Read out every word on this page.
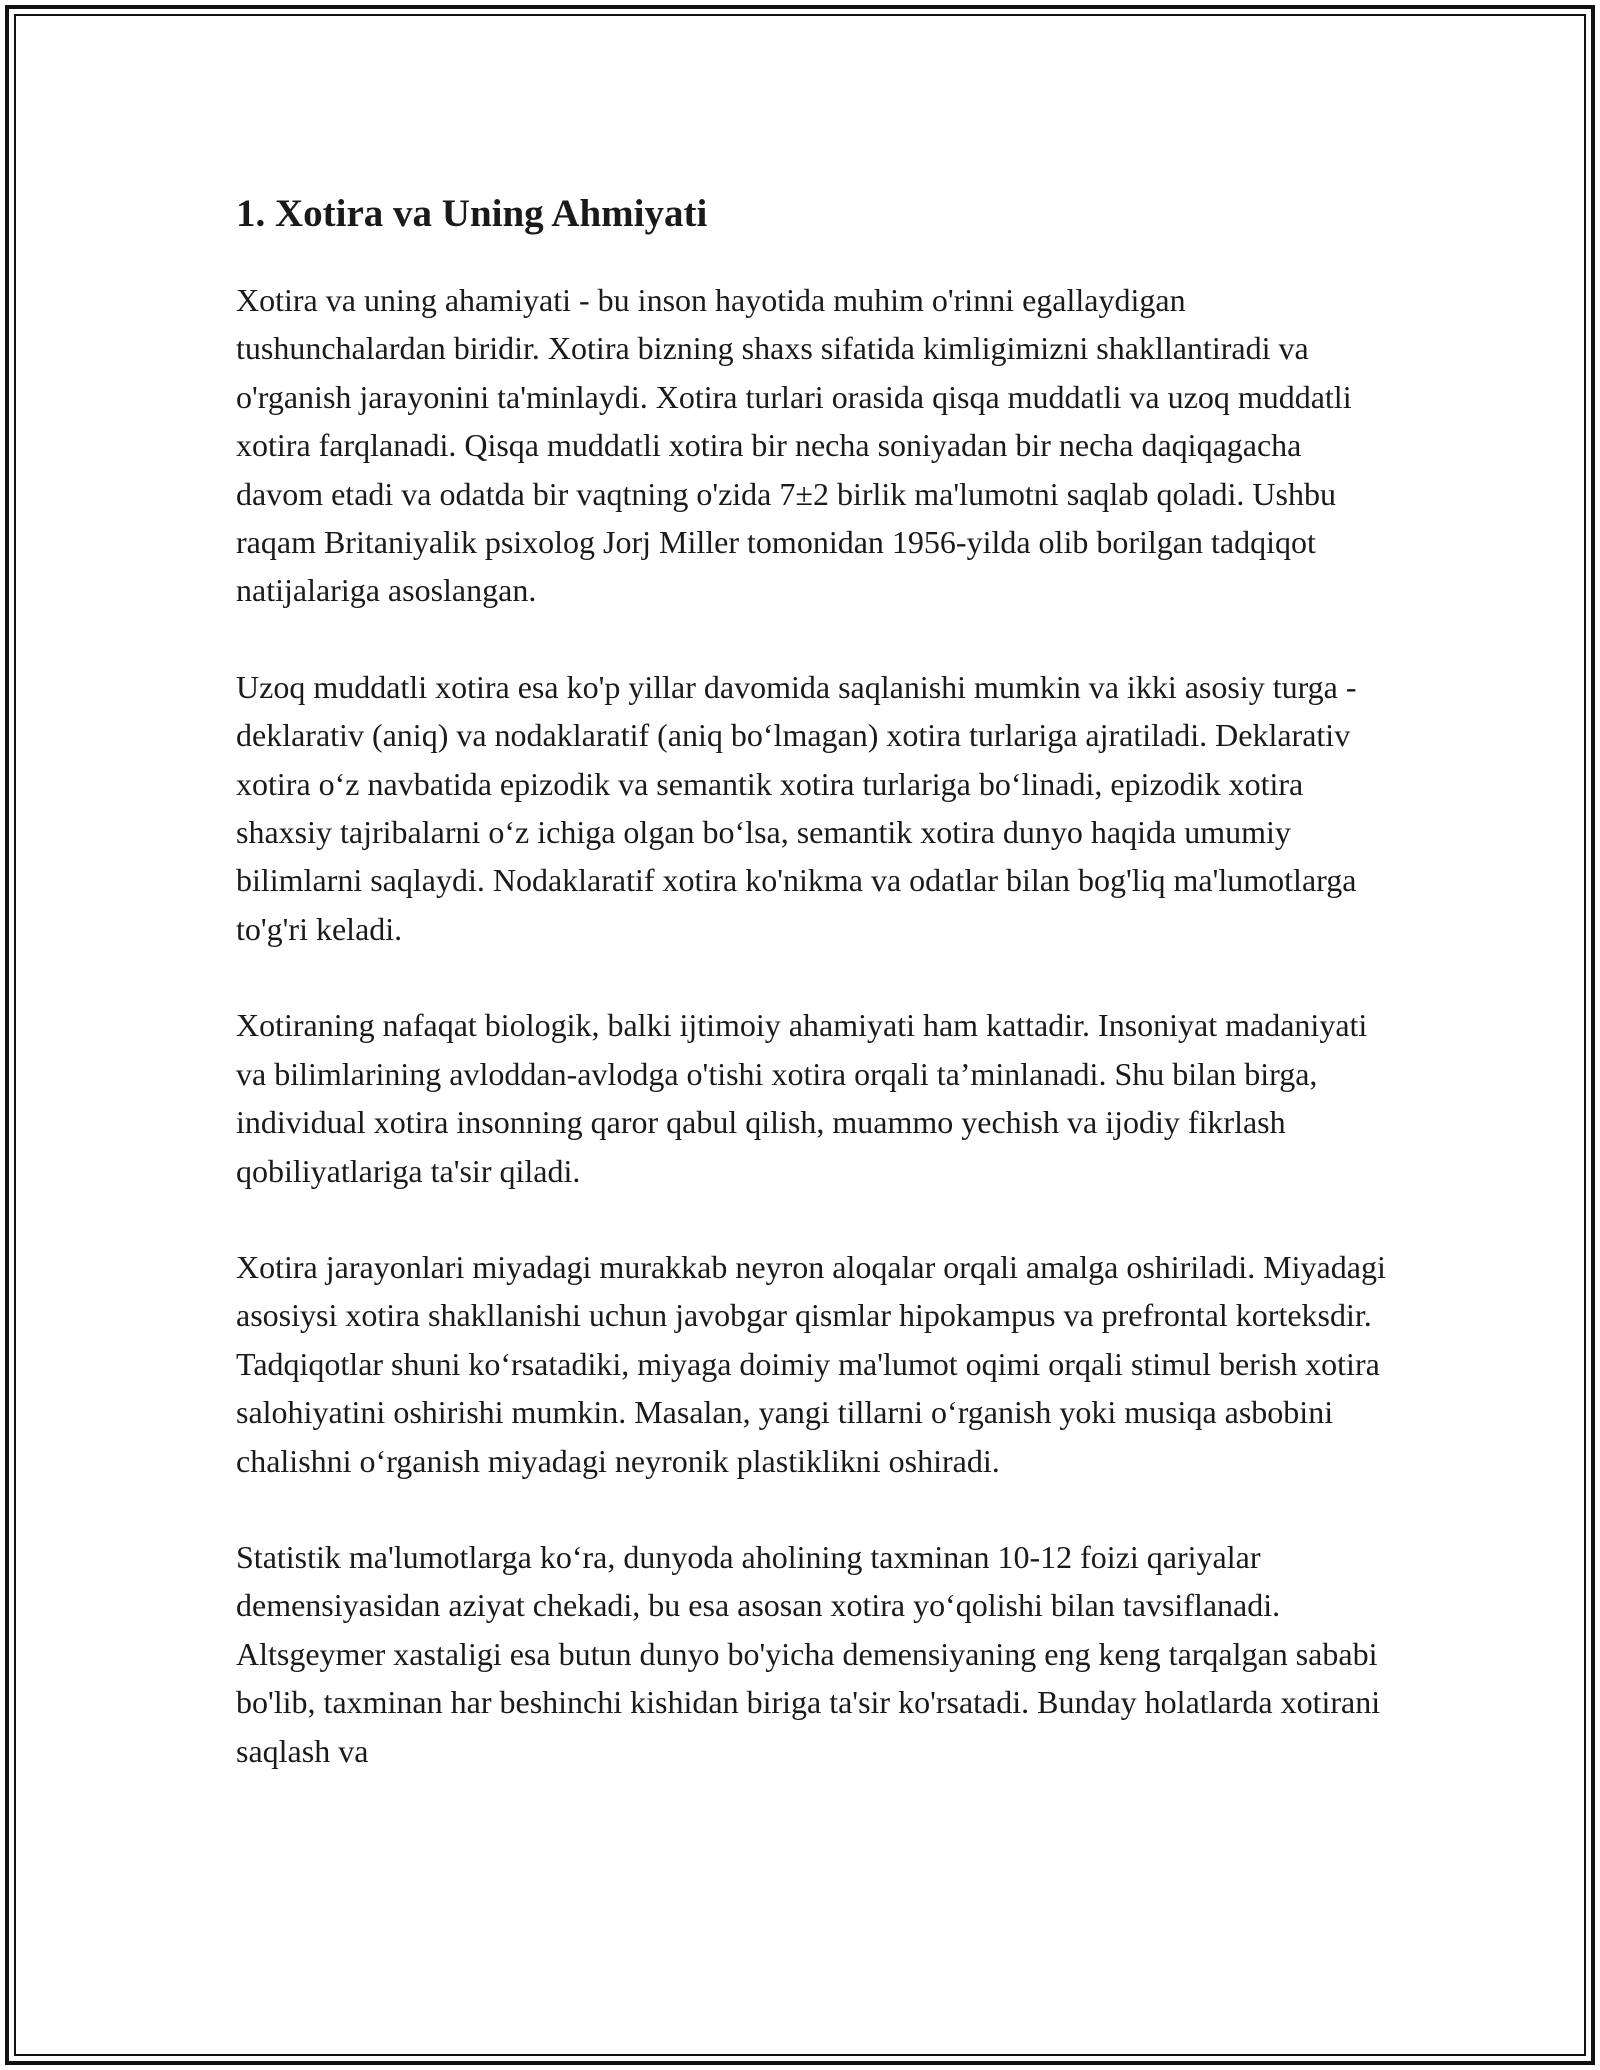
1. Xotira va Uning Ahmiyati

Xotira va uning ahamiyati - bu inson hayotida muhim o'rinni egallaydigan tushunchalardan biridir. Xotira bizning shaxs sifatida kimligimizni shakllantiradi va o'rganish jarayonini ta'minlaydi. Xotira turlari orasida qisqa muddatli va uzoq muddatli xotira farqlanadi. Qisqa muddatli xotira bir necha soniyadan bir necha daqiqagacha davom etadi va odatda bir vaqtning o'zida 7±2 birlik ma'lumotni saqlab qoladi. Ushbu raqam Britaniyalik psixolog Jorj Miller tomonidan 1956-yilda olib borilgan tadqiqot natijalariga asoslangan.

Uzoq muddatli xotira esa ko'p yillar davomida saqlanishi mumkin va ikki asosiy turga - deklarativ (aniq) va nodaklaratif (aniq bo‘lmagan) xotira turlariga ajratiladi. Deklarativ xotira o‘z navbatida epizodik va semantik xotira turlariga bo‘linadi, epizodik xotira shaxsiy tajribalarni o‘z ichiga olgan bo‘lsa, semantik xotira dunyo haqida umumiy bilimlarni saqlaydi. Nodaklaratif xotira ko'nikma va odatlar bilan bog'liq ma'lumotlarga to'g'ri keladi.

Xotiraning nafaqat biologik, balki ijtimoiy ahamiyati ham kattadir. Insoniyat madaniyati va bilimlarining avloddan-avlodga o'tishi xotira orqali ta’minlanadi. Shu bilan birga, individual xotira insonning qaror qabul qilish, muammo yechish va ijodiy fikrlash qobiliyatlariga ta'sir qiladi.

Xotira jarayonlari miyadagi murakkab neyron aloqalar orqali amalga oshiriladi. Miyadagi asosiysi xotira shakllanishi uchun javobgar qismlar hipokampus va prefrontal korteksdir. Tadqiqotlar shuni ko‘rsatadiki, miyaga doimiy ma'lumot oqimi orqali stimul berish xotira salohiyatini oshirishi mumkin. Masalan, yangi tillarni o‘rganish yoki musiqa asbobini chalishni o‘rganish miyadagi neyronik plastiklikni oshiradi.

Statistik ma'lumotlarga ko‘ra, dunyoda aholining taxminan 10-12 foizi qariyalar demensiyasidan aziyat chekadi, bu esa asosan xotira yo‘qolishi bilan tavsiflanadi. Altsgeymer xastaligi esa butun dunyo bo'yicha demensiyaning eng keng tarqalgan sababi bo'lib, taxminan har beshinchi kishidan biriga ta'sir ko'rsatadi. Bunday holatlarda xotirani saqlash va
